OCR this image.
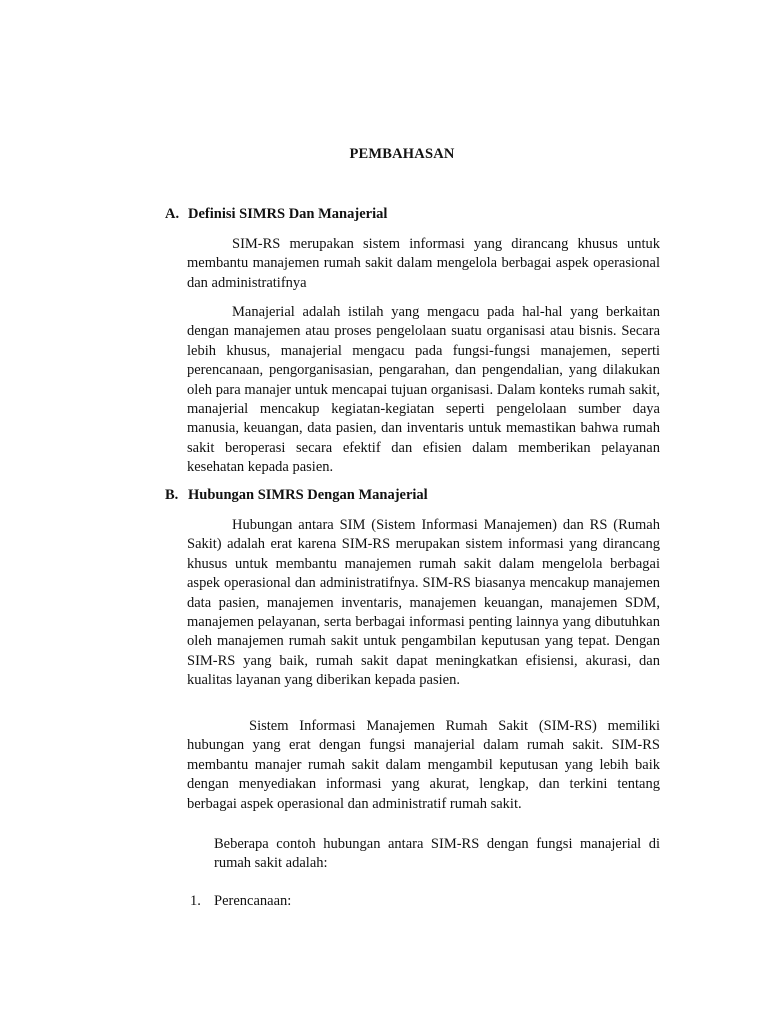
PEMBAHASAN
A. Definisi SIMRS Dan Manajerial

SIM-RS merupakan sistem informasi yang dirancang khusus untuk membantu manajemen rumah sakit dalam mengelola berbagai aspek operasional dan administratifnya

Manajerial adalah istilah yang mengacu pada hal-hal yang berkaitan dengan manajemen atau proses pengelolaan suatu organisasi atau bisnis. Secara lebih khusus, manajerial mengacu pada fungsi-fungsi manajemen, seperti perencanaan, pengorganisasian, pengarahan, dan pengendalian, yang dilakukan oleh para manajer untuk mencapai tujuan organisasi. Dalam konteks rumah sakit, manajerial mencakup kegiatan-kegiatan seperti pengelolaan sumber daya manusia, keuangan, data pasien, dan inventaris untuk memastikan bahwa rumah sakit beroperasi secara efektif dan efisien dalam memberikan pelayanan kesehatan kepada pasien.

B. Hubungan SIMRS Dengan Manajerial

Hubungan antara SIM (Sistem Informasi Manajemen) dan RS (Rumah Sakit) adalah erat karena SIM-RS merupakan sistem informasi yang dirancang khusus untuk membantu manajemen rumah sakit dalam mengelola berbagai aspek operasional dan administratifnya. SIM-RS biasanya mencakup manajemen data pasien, manajemen inventaris, manajemen keuangan, manajemen SDM, manajemen pelayanan, serta berbagai informasi penting lainnya yang dibutuhkan oleh manajemen rumah sakit untuk pengambilan keputusan yang tepat. Dengan SIM-RS yang baik, rumah sakit dapat meningkatkan efisiensi, akurasi, dan kualitas layanan yang diberikan kepada pasien.

Sistem Informasi Manajemen Rumah Sakit (SIM-RS) memiliki hubungan yang erat dengan fungsi manajerial dalam rumah sakit. SIM-RS membantu manajer rumah sakit dalam mengambil keputusan yang lebih baik dengan menyediakan informasi yang akurat, lengkap, dan terkini tentang berbagai aspek operasional dan administratif rumah sakit.

Beberapa contoh hubungan antara SIM-RS dengan fungsi manajerial di rumah sakit adalah:

1. Perencanaan:
